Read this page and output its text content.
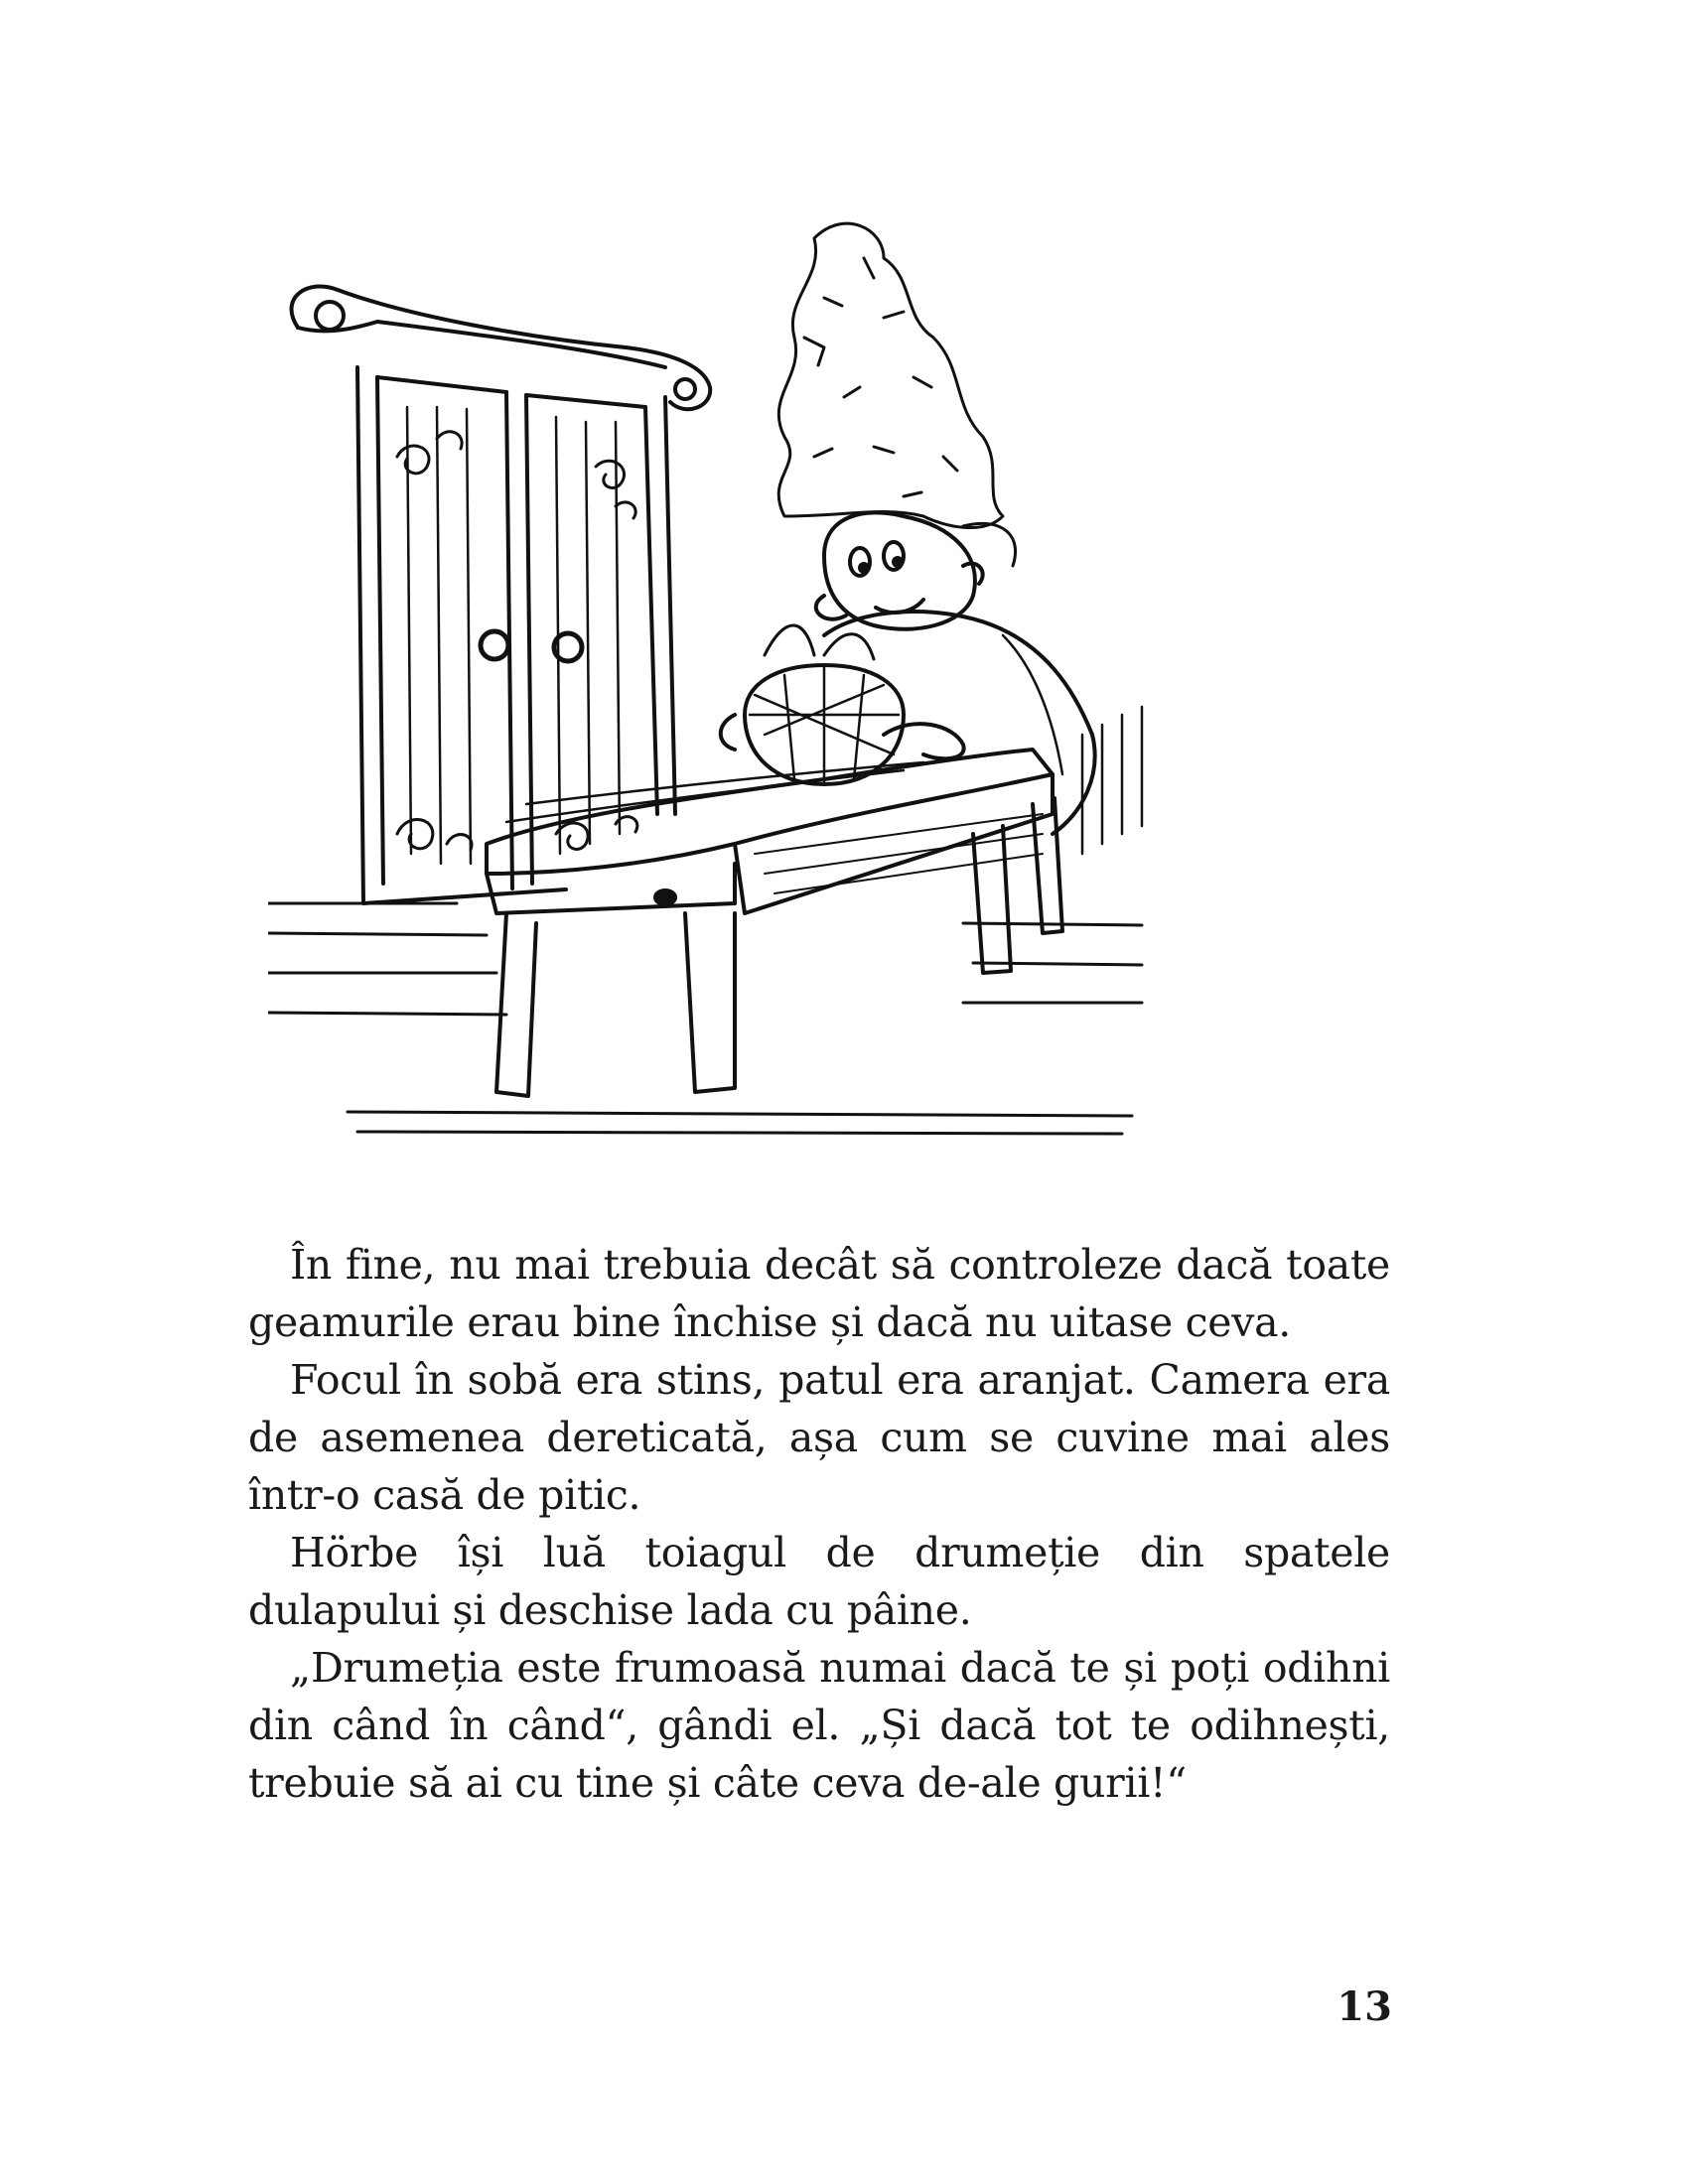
În fine, nu mai trebuia decât să controleze dacă toate geamurile erau bine închise și dacă nu uitase ceva.

Focul în sobă era stins, patul era aranjat. Camera era de asemenea dereticată, așa cum se cuvine mai ales într-o casă de pitic.

Hörbe își luă toiagul de drumeție din spatele dulapului și deschise lada cu pâine.

„Drumeția este frumoasă numai dacă te și poți odihni din când în când“, gândi el. „Și dacă tot te odihnești, trebuie să ai cu tine și câte ceva de-ale gurii!“

13
